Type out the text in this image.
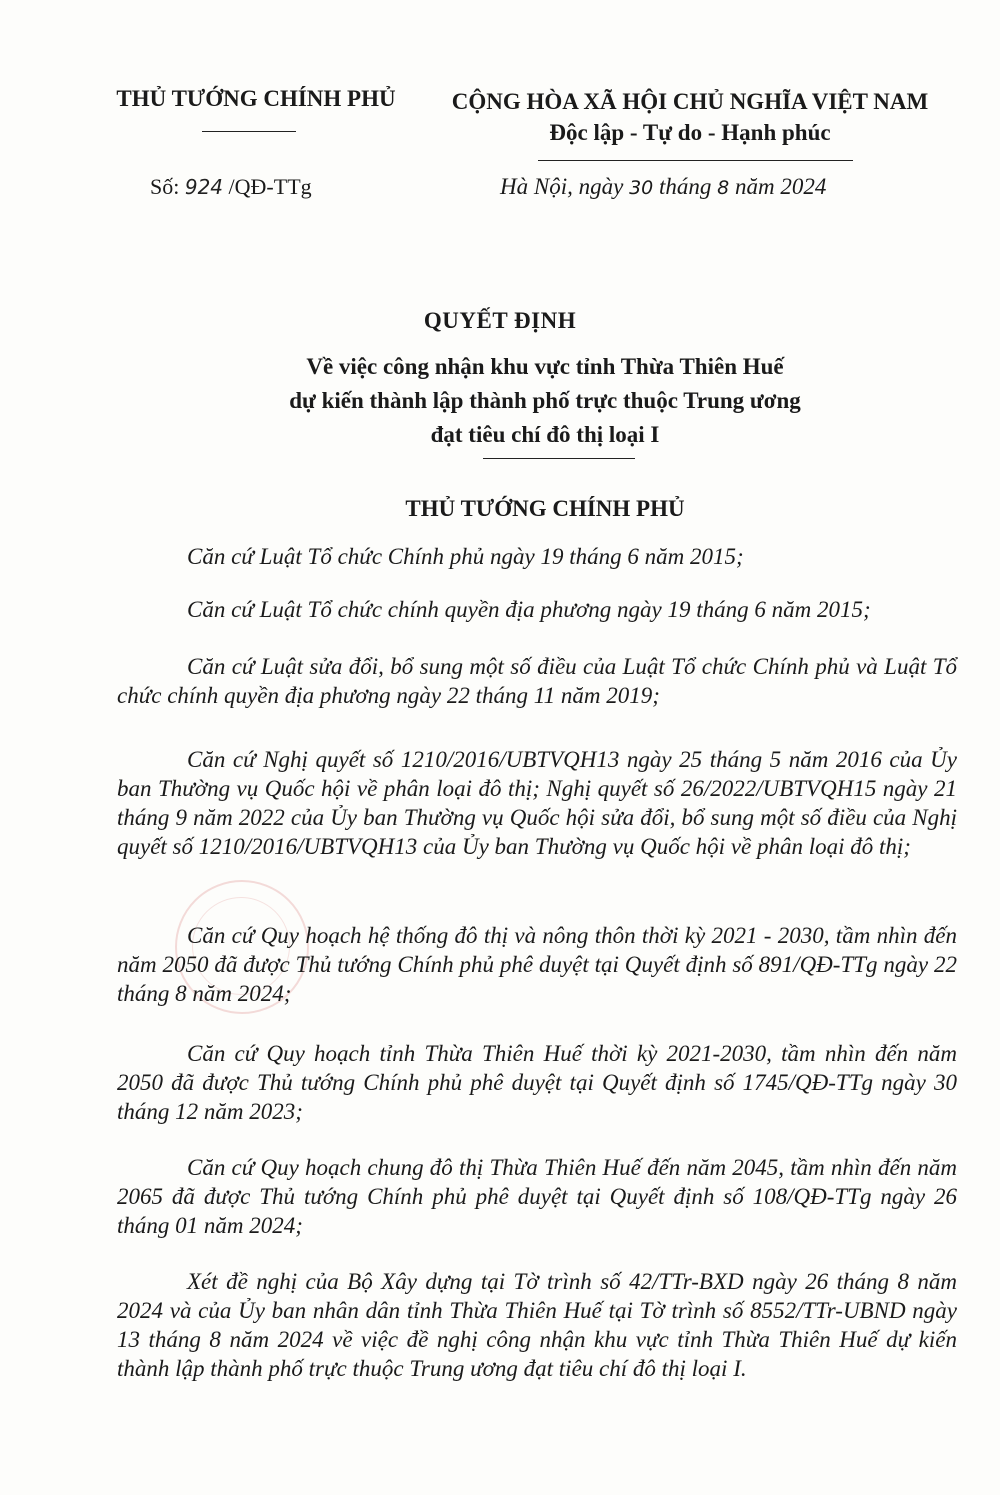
THỦ TƯỚNG CHÍNH PHỦ	CỘNG HÒA XÃ HỘI CHỦ NGHĨA VIỆT NAM
Độc lập - Tự do - Hạnh phúc
Số: 924 /QĐ-TTg	Hà Nội, ngày 30 tháng 8 năm 2024
QUYẾT ĐỊNH
Về việc công nhận khu vực tỉnh Thừa Thiên Huế
dự kiến thành lập thành phố trực thuộc Trung ương
đạt tiêu chí đô thị loại I
THỦ TƯỚNG CHÍNH PHỦ

Căn cứ Luật Tổ chức Chính phủ ngày 19 tháng 6 năm 2015;

Căn cứ Luật Tổ chức chính quyền địa phương ngày 19 tháng 6 năm 2015;

Căn cứ Luật sửa đổi, bổ sung một số điều của Luật Tổ chức Chính phủ và Luật Tổ chức chính quyền địa phương ngày 22 tháng 11 năm 2019;

Căn cứ Nghị quyết số 1210/2016/UBTVQH13 ngày 25 tháng 5 năm 2016 của Ủy ban Thường vụ Quốc hội về phân loại đô thị; Nghị quyết số 26/2022/UBTVQH15 ngày 21 tháng 9 năm 2022 của Ủy ban Thường vụ Quốc hội sửa đổi, bổ sung một số điều của Nghị quyết số 1210/2016/UBTVQH13 của Ủy ban Thường vụ Quốc hội về phân loại đô thị;

Căn cứ Quy hoạch hệ thống đô thị và nông thôn thời kỳ 2021 - 2030, tầm nhìn đến năm 2050 đã được Thủ tướng Chính phủ phê duyệt tại Quyết định số 891/QĐ-TTg ngày 22 tháng 8 năm 2024;

Căn cứ Quy hoạch tỉnh Thừa Thiên Huế thời kỳ 2021-2030, tầm nhìn đến năm 2050 đã được Thủ tướng Chính phủ phê duyệt tại Quyết định số 1745/QĐ-TTg ngày 30 tháng 12 năm 2023;

Căn cứ Quy hoạch chung đô thị Thừa Thiên Huế đến năm 2045, tầm nhìn đến năm 2065 đã được Thủ tướng Chính phủ phê duyệt tại Quyết định số 108/QĐ-TTg ngày 26 tháng 01 năm 2024;

Xét đề nghị của Bộ Xây dựng tại Tờ trình số 42/TTr-BXD ngày 26 tháng 8 năm 2024 và của Ủy ban nhân dân tỉnh Thừa Thiên Huế tại Tờ trình số 8552/TTr-UBND ngày 13 tháng 8 năm 2024 về việc đề nghị công nhận khu vực tỉnh Thừa Thiên Huế dự kiến thành lập thành phố trực thuộc Trung ương đạt tiêu chí đô thị loại I.
